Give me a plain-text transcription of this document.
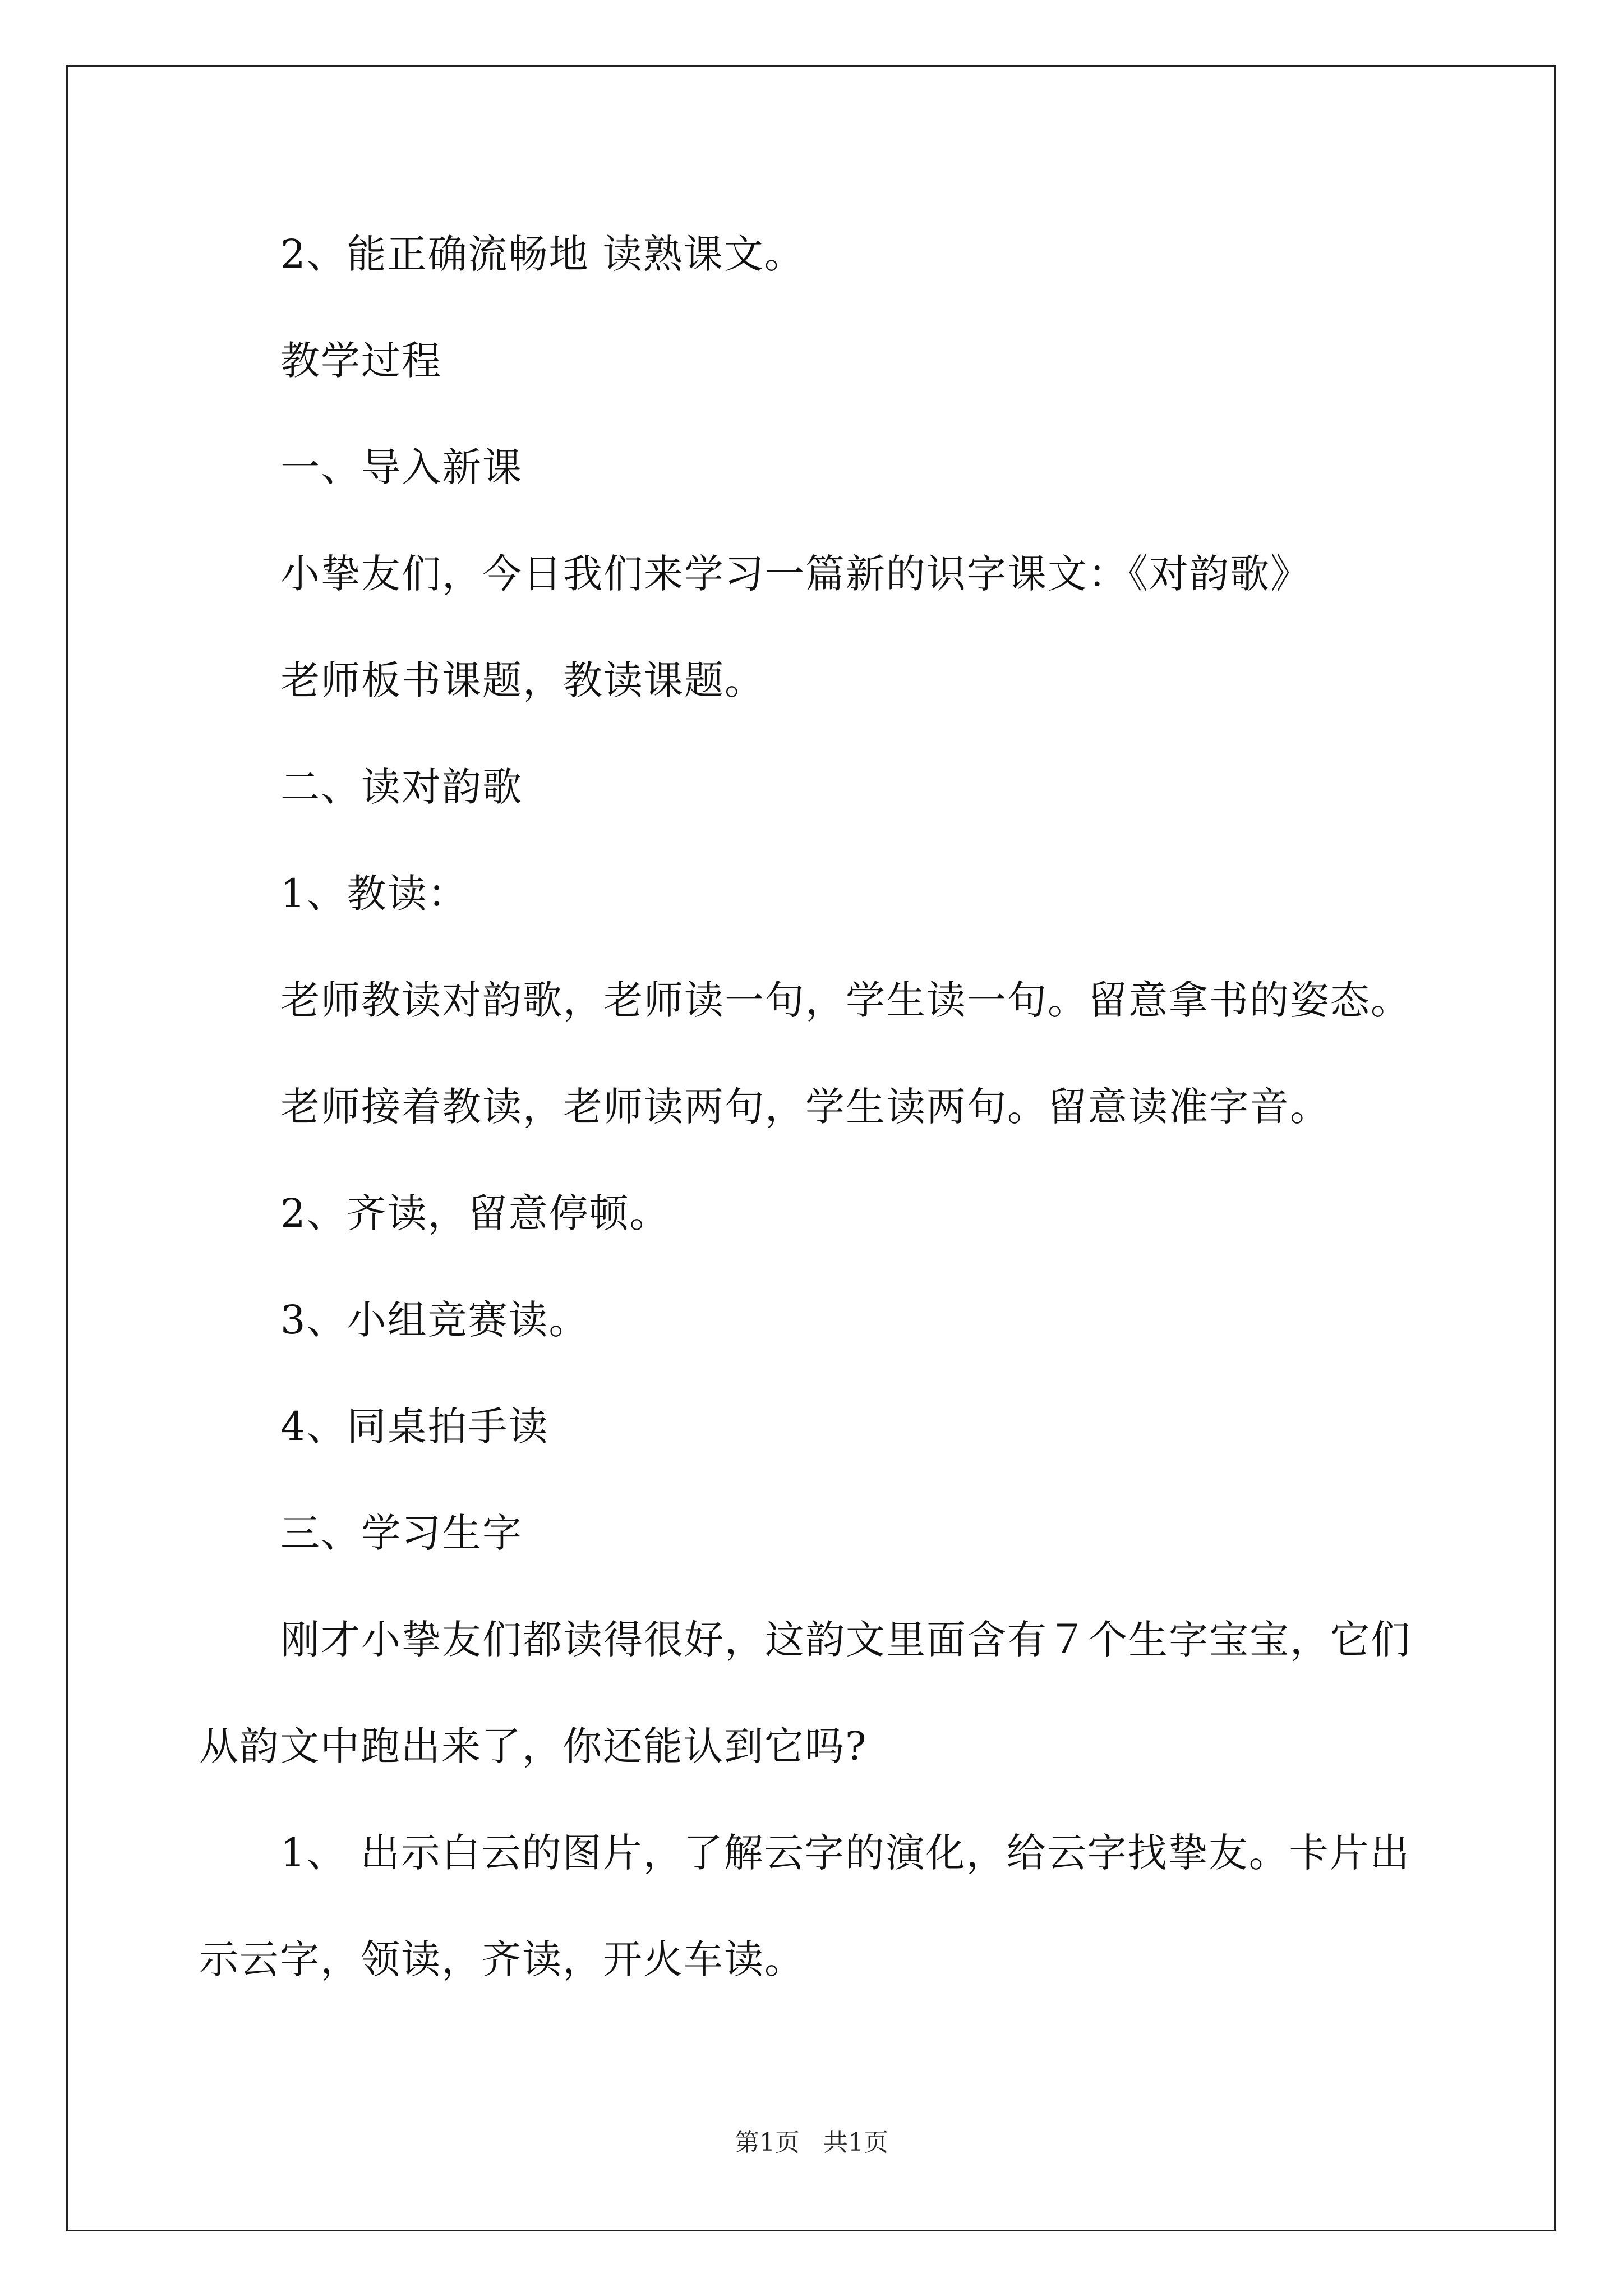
2、能正确流畅地 读熟课文。
教学过程
一、导入新课
小挚友们，今日我们来学习一篇新的识字课文：《对韵歌》
老师板书课题，教读课题。
二、读对韵歌
1、教读：
老师教读对韵歌，老师读一句，学生读一句。留意拿书的姿态。
老师接着教读，老师读两句，学生读两句。留意读准字音。
2、齐读，留意停顿。
3、小组竞赛读。
4、同桌拍手读
三、学习生字
刚才小挚友们都读得很好，这韵文里面含有７个生字宝宝，它们
从韵文中跑出来了，你还能认到它吗?
1、 出示白云的图片，了解云字的演化，给云字找挚友。卡片出
示云字，领读，齐读，开火车读。
第1页   共1页
